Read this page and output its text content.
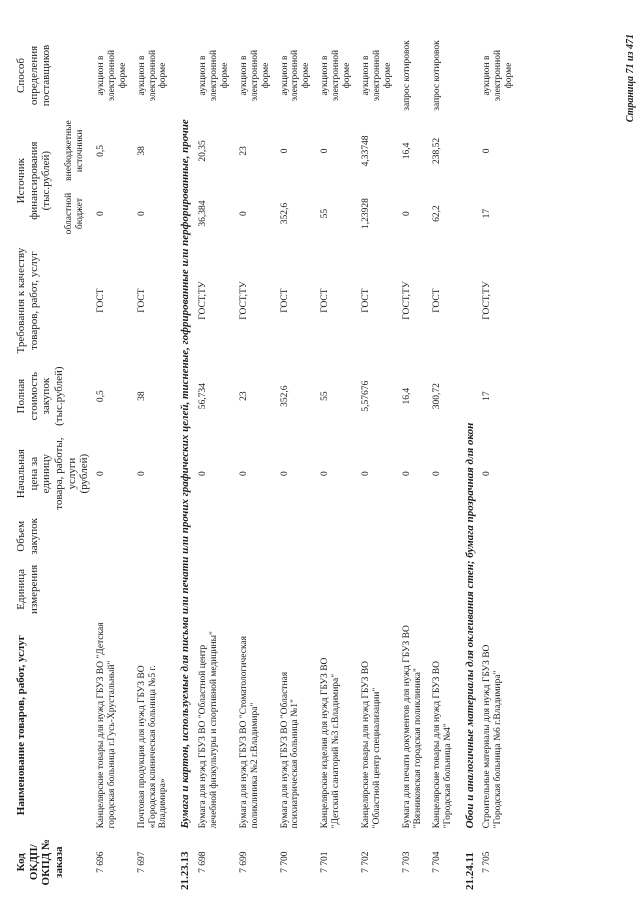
Код ОКДП/ ОКПД № заказа	Наименование товаров, работ, услуг	Единица измерения	Объем закупок	Начальная цена за единицу товара, работы, услуги (рублей)	Полная стоимость закупок (тыс.рублей)	Требования к качеству товаров, работ, услуг	Источник финансирования (тыс.рублей)		Способ определения поставщиков
							областной бюджет	внебюджетные источники	
7 696	Канцелярские товары для нужд ГБУЗ ВО "Детская городская больница г.Гусь-Хрустальный"			0	0,5	ГОСТ	0	0,5	аукцион в электронной форме
7 697	Почтовая продукция для нужд ГБУЗ ВО «Городская клиническая больница №5 г. Владимира»			0	38	ГОСТ	0	38	аукцион в электронной форме
21.23.13	Бумага и картон, используемые для письма или печати или прочих графических целей, тисненые, гофрированные или перфорированные, прочие								
7 698	Бумага для нужд ГБУЗ ВО "Областной центр лечебной физкультуры и спортивной медицины"			0	56,734	ГОСТ,ТУ	36,384	20,35	аукцион в электронной форме
7 699	Бумага для нужд ГБУЗ ВО "Стоматологическая поликлиника №2 г.Владимира"			0	23	ГОСТ,ТУ	0	23	аукцион в электронной форме
7 700	Бумага для нужд ГБУЗ ВО "Областная психиатрическая больница №1"			0	352,6	ГОСТ	352,6	0	аукцион в электронной форме
7 701	Канцелярские изделия для нужд ГБУЗ ВО "Детский санаторий №3 г.Владимира"			0	55	ГОСТ	55	0	аукцион в электронной форме
7 702	Канцелярские товары для нужд ГБУЗ ВО "Областной центр специализации"			0	5,57676	ГОСТ	1,23928	4,33748	аукцион в электронной форме
7 703	Бумага для печати документов для нужд ГБУЗ ВО "Вязниковская городская поликлиника"			0	16,4	ГОСТ,ТУ	0	16,4	запрос котировок
7 704	Канцелярские товары для нужд ГБУЗ ВО "Городская больница №4"			0	300,72	ГОСТ	62,2	238,52	запрос котировок
21.24.11	Обои и аналогичные материалы для оклеивания стен; бумага прозрачная для окон								
7 705	Строительные материалы для нужд ГБУЗ ВО "Городская больница №6 г.Владимира"			0	17	ГОСТ,ТУ	17	0	аукцион в электронной форме	Страница 71 из 471
